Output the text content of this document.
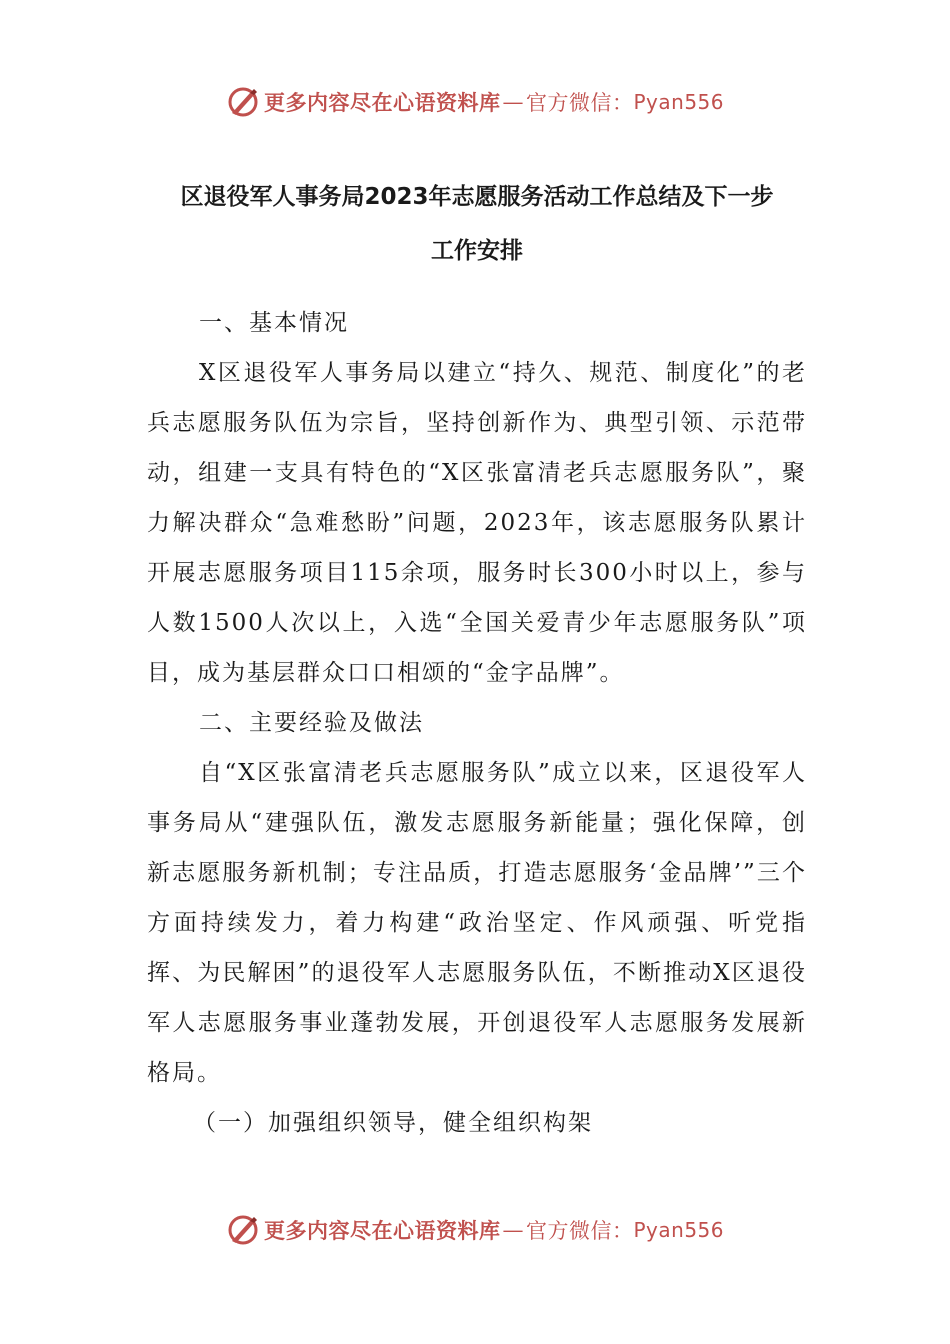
更多内容尽在心语资料库 — 官方微信： Pyan556
区退役军人事务局2023年志愿服务活动工作总结及下一步
工作安排

一、基本情况

X区退役军人事务局以建立“持久、规范、制度化”的老兵志愿服务队伍为宗旨，坚持创新作为、典型引领、示范带动，组建一支具有特色的“X区张富清老兵志愿服务队”，聚力解决群众“急难愁盼”问题，2023年，该志愿服务队累计开展志愿服务项目115余项，服务时长300小时以上，参与人数1500人次以上，入选“全国关爱青少年志愿服务队”项目，成为基层群众口口相颂的“金字品牌”。

二、主要经验及做法

自“X区张富清老兵志愿服务队”成立以来，区退役军人事务局从“建强队伍，激发志愿服务新能量；强化保障，创新志愿服务新机制；专注品质，打造志愿服务‘金品牌’”三个方面持续发力，着力构建“政治坚定、作风顽强、听党指挥、为民解困”的退役军人志愿服务队伍，不断推动X区退役军人志愿服务事业蓬勃发展，开创退役军人志愿服务发展新格局。

（一）加强组织领导，健全组织构架

更多内容尽在心语资料库 — 官方微信： Pyan556
